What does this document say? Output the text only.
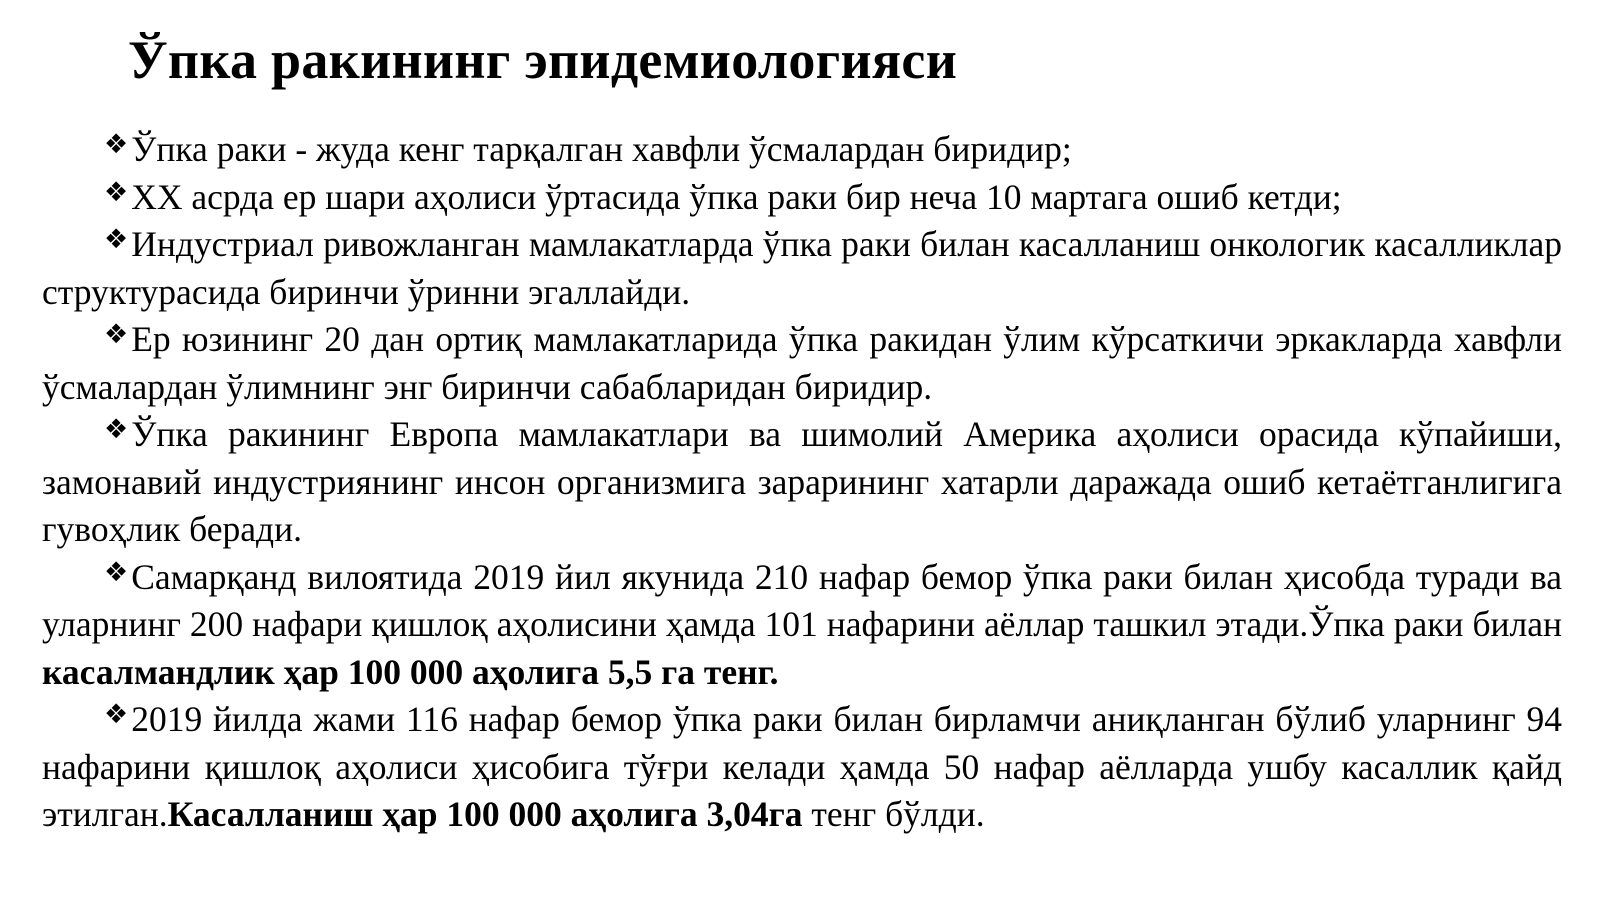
Ўпка ракининг эпидемиологияси

❖Ўпка раки - жуда кенг тарқалган хавфли ўсмалардан биридир;

❖XX асрда ер шари аҳолиси ўртасида ўпка раки бир неча 10 мартага ошиб кетди;

❖Индустриал ривожланган мамлакатларда ўпка раки билан касалланиш онкологик касалликлар структурасида биринчи ўринни эгаллайди.

❖Ер юзининг 20 дан ортиқ мамлакатларида ўпка ракидан ўлим кўрсаткичи эркакларда хавфли ўсмалардан ўлимнинг энг биринчи сабабларидан биридир.

❖Ўпка ракининг Европа мамлакатлари ва шимолий Америка аҳолиси орасида кўпайиши, замонавий индустриянинг инсон организмига зарарининг хатарли даражада ошиб кетаётганлигига гувоҳлик беради.

❖Самарқанд вилоятида 2019 йил якунида 210 нафар бемор ўпка раки билан ҳисобда туради ва уларнинг 200 нафари қишлоқ аҳолисини ҳамда 101 нафарини аёллар ташкил этади.Ўпка раки билан касалмандлик ҳар 100 000 аҳолига 5,5 га тенг.

❖2019 йилда жами 116 нафар бемор ўпка раки билан бирламчи аниқланган бўлиб уларнинг 94 нафарини қишлоқ аҳолиси ҳисобига тўғри келади ҳамда 50 нафар аёлларда ушбу касаллик қайд этилган.Касалланиш ҳар 100 000 аҳолига 3,04га тенг бўлди.
